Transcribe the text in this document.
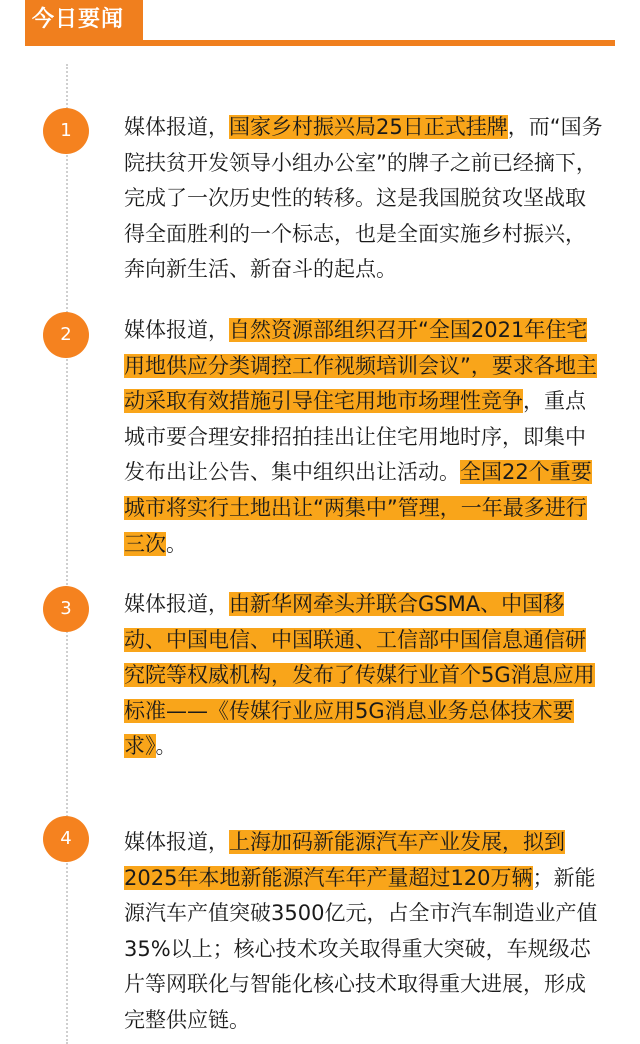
今日要闻
1	媒体报道，国家乡村振兴局25日正式挂牌，而“国务院扶贫开发领导小组办公室”的牌子之前已经摘下，完成了一次历史性的转移。这是我国脱贫攻坚战取得全面胜利的一个标志，也是全面实施乡村振兴，奔向新生活、新奋斗的起点。
2	媒体报道，自然资源部组织召开“全国2021年住宅用地供应分类调控工作视频培训会议”，要求各地主动采取有效措施引导住宅用地市场理性竞争，重点城市要合理安排招拍挂出让住宅用地时序，即集中发布出让公告、集中组织出让活动。全国22个重要城市将实行土地出让“两集中”管理，一年最多进行三次。
3	媒体报道，由新华网牵头并联合GSMA、中国移动、中国电信、中国联通、工信部中国信息通信研究院等权威机构，发布了传媒行业首个5G消息应用标准——《传媒行业应用5G消息业务总体技术要求》。
4	媒体报道，上海加码新能源汽车产业发展，拟到2025年本地新能源汽车年产量超过120万辆；新能源汽车产值突破3500亿元，占全市汽车制造业产值35%以上；核心技术攻关取得重大突破，车规级芯片等网联化与智能化核心技术取得重大进展，形成完整供应链。
